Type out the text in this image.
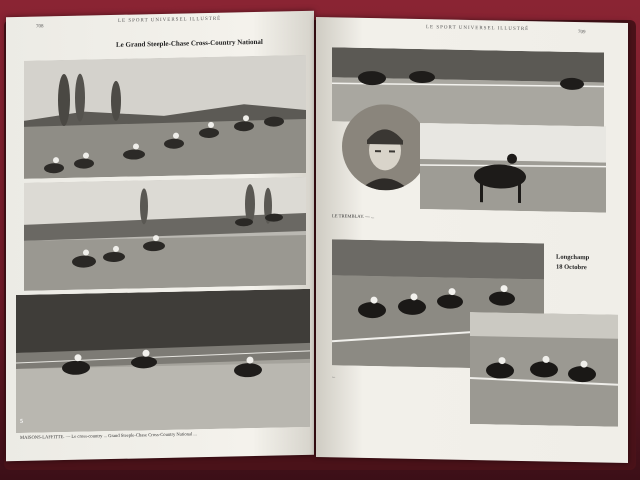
708
LE SPORT UNIVERSEL ILLUSTRÉ
Le Grand Steeple-Chase Cross-Country National
5
MAISONS-LAFFITTE. — Le cross-country ... Grand Steeple-Chase Cross-Country National ...
LE SPORT UNIVERSEL ILLUSTRÉ
709
LE TREMBLAY. — ...
Longchamp
18 Octobre
...
